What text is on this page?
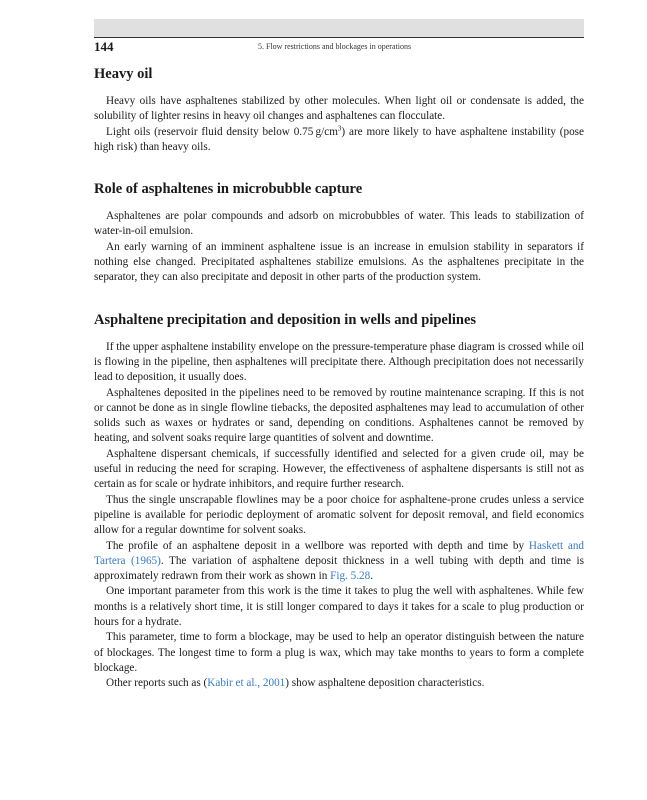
144	5. Flow restrictions and blockages in operations
Heavy oil

Heavy oils have asphaltenes stabilized by other molecules. When light oil or condensate is added, the solubility of lighter resins in heavy oil changes and asphaltenes can flocculate.

Light oils (reservoir fluid density below 0.75 $g/cm^3$) are more likely to have asphaltene instability (pose high risk) than heavy oils.

Role of asphaltenes in microbubble capture

Asphaltenes are polar compounds and adsorb on microbubbles of water. This leads to stabilization of water-in-oil emulsion.

An early warning of an imminent asphaltene issue is an increase in emulsion stability in separators if nothing else changed. Precipitated asphaltenes stabilize emulsions. As the asphaltenes precipitate in the separator, they can also precipitate and deposit in other parts of the production system.

Asphaltene precipitation and deposition in wells and pipelines

If the upper asphaltene instability envelope on the pressure-temperature phase diagram is crossed while oil is flowing in the pipeline, then asphaltenes will precipitate there. Although precipitation does not necessarily lead to deposition, it usually does.

Asphaltenes deposited in the pipelines need to be removed by routine maintenance scraping. If this is not or cannot be done as in single flowline tiebacks, the deposited asphaltenes may lead to accumulation of other solids such as waxes or hydrates or sand, depending on conditions. Asphaltenes cannot be removed by heating, and solvent soaks require large quantities of solvent and downtime.

Asphaltene dispersant chemicals, if successfully identified and selected for a given crude oil, may be useful in reducing the need for scraping. However, the effectiveness of asphaltene dispersants is still not as certain as for scale or hydrate inhibitors, and require further research.

Thus the single unscrapable flowlines may be a poor choice for asphaltene-prone crudes unless a service pipeline is available for periodic deployment of aromatic solvent for deposit removal, and field economics allow for a regular downtime for solvent soaks.

The profile of an asphaltene deposit in a wellbore was reported with depth and time by Haskett and Tartera (1965). The variation of asphaltene deposit thickness in a well tubing with depth and time is approximately redrawn from their work as shown in Fig. 5.28.

One important parameter from this work is the time it takes to plug the well with asphaltenes. While few months is a relatively short time, it is still longer compared to days it takes for a scale to plug production or hours for a hydrate.

This parameter, time to form a blockage, may be used to help an operator distinguish between the nature of blockages. The longest time to form a plug is wax, which may take months to years to form a complete blockage.

Other reports such as (Kabir et al., 2001) show asphaltene deposition characteristics.
